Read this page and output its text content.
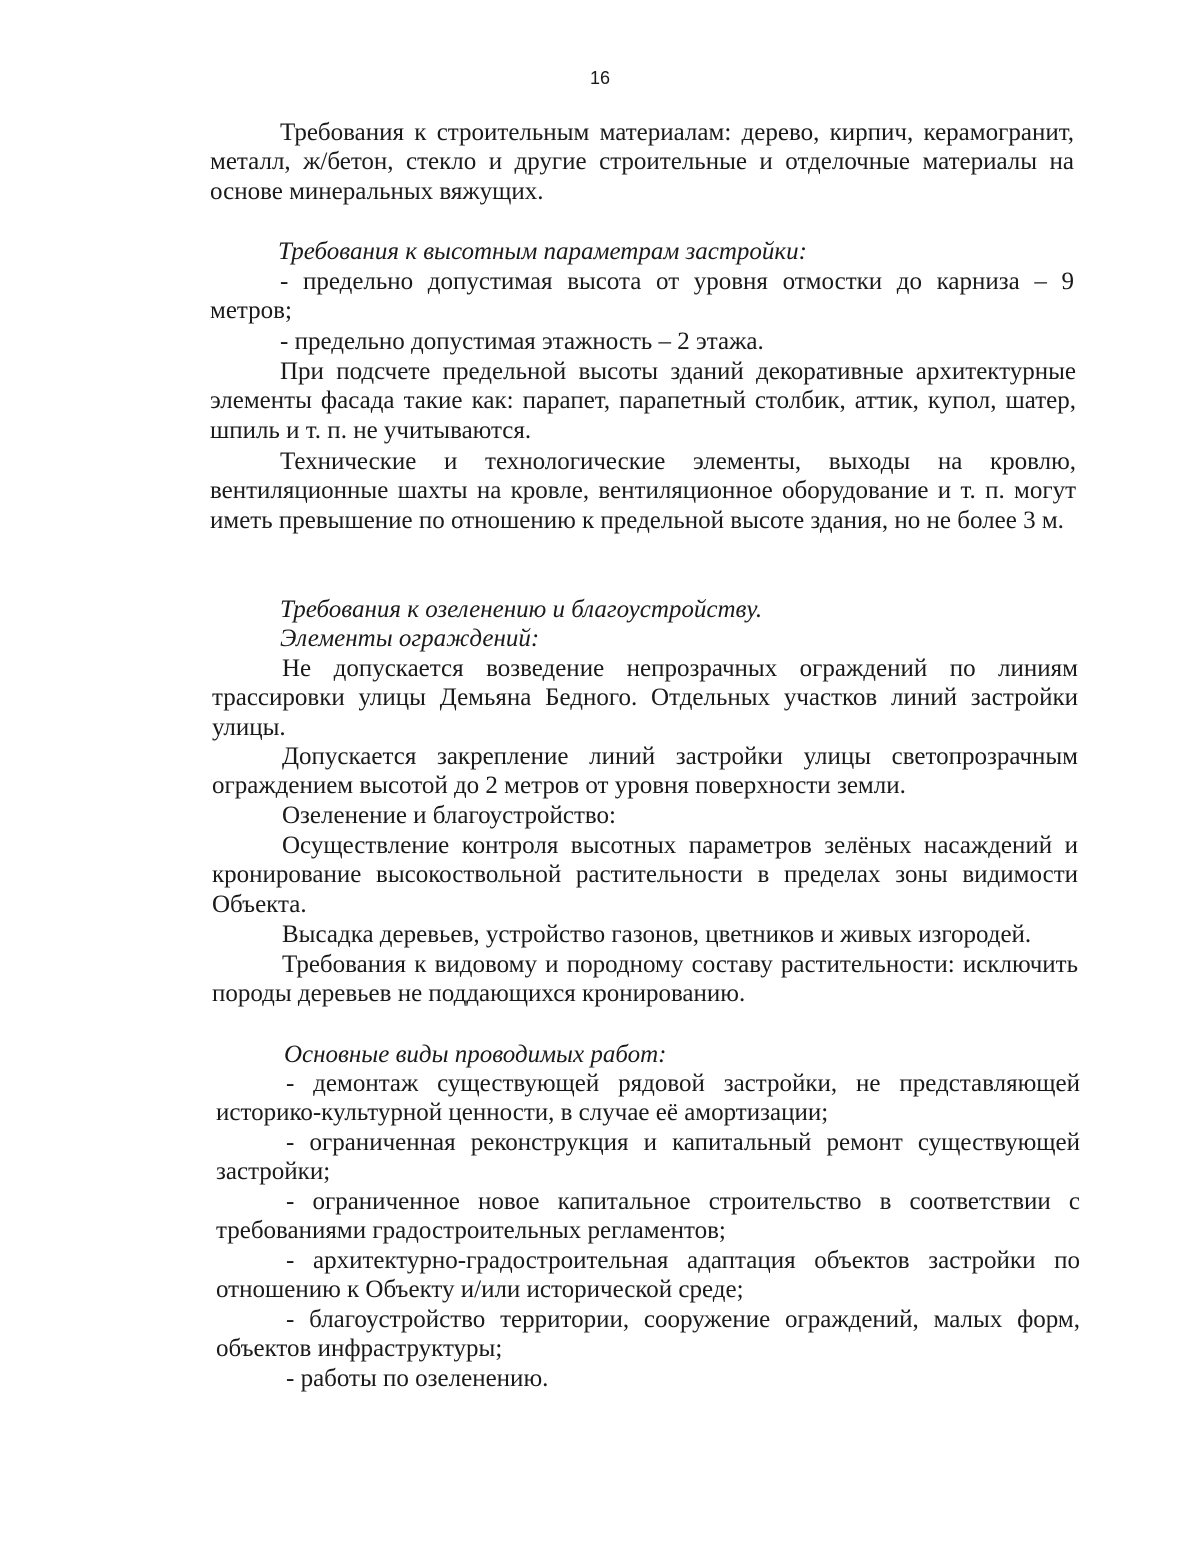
16

Требования к строительным материалам: дерево, кирпич, керамогранит, металл, ж/бетон, стекло и другие строительные и отделочные материалы на основе минеральных вяжущих.

Требования к высотным параметрам застройки:

- предельно допустимая высота от уровня отмостки до карниза – 9 метров;

- предельно допустимая этажность – 2 этажа.

При подсчете предельной высоты зданий декоративные архитектурные элементы фасада такие как: парапет, парапетный столбик, аттик, купол, шатер, шпиль и т. п. не учитываются.

Технические и технологические элементы, выходы на кровлю, вентиляционные шахты на кровле, вентиляционное оборудование и т. п. могут иметь превышение по отношению к предельной высоте здания, но не более 3 м.

Требования к озеленению и благоустройству.

Элементы ограждений:

Не допускается возведение непрозрачных ограждений по линиям трассировки улицы Демьяна Бедного. Отдельных участков линий застройки улицы.

Допускается закрепление линий застройки улицы светопрозрачным ограждением высотой до 2 метров от уровня поверхности земли.

Озеленение и благоустройство:

Осуществление контроля высотных параметров зелёных насаждений и кронирование высокоствольной растительности в пределах зоны видимости Объекта.

Высадка деревьев, устройство газонов, цветников и живых изгородей.

Требования к видовому и породному составу растительности: исключить породы деревьев не поддающихся кронированию.

Основные виды проводимых работ:

- демонтаж существующей рядовой застройки, не представляющей историко-культурной ценности, в случае её амортизации;

- ограниченная реконструкция и капитальный ремонт существующей застройки;

- ограниченное новое капитальное строительство в соответствии с требованиями градостроительных регламентов;

- архитектурно-градостроительная адаптация объектов застройки по отношению к Объекту и/или исторической среде;

- благоустройство территории, сооружение ограждений, малых форм, объектов инфраструктуры;

- работы по озеленению.
